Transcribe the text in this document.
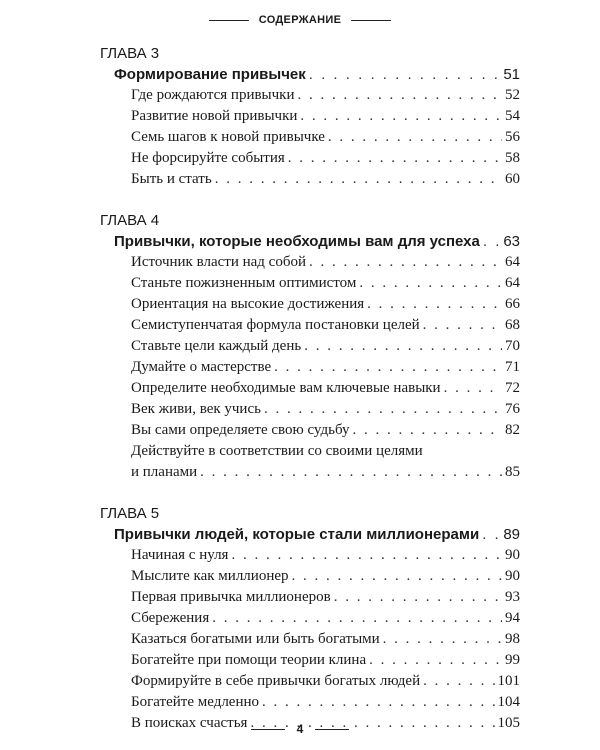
СОДЕРЖАНИЕ
ГЛАВА 3
Формирование привычек . . .	51
Где рождаются привычки . . .	52
Развитие новой привычки . . .	54
Семь шагов к новой привычке . . .	56
Не форсируйте события . . .	58
Быть и стать . . .	60
ГЛАВА 4
Привычки, которые необходимы вам для успеха . . . 63
Источник власти над собой . . .	64
Станьте пожизненным оптимистом . . .	64
Ориентация на высокие достижения . . .	66
Семиступенчатая формула постановки целей . . .	68
Ставьте цели каждый день . . .	70
Думайте о мастерстве . . .	71
Определите необходимые вам ключевые навыки . . .	72
Век живи, век учись . . .	76
Вы сами определяете свою судьбу . . .	82
Действуйте в соответствии со своими целями
и планами . . .	85
ГЛАВА 5
Привычки людей, которые стали миллионерами . . . 89
Начиная с нуля . . .	90
Мыслите как миллионер . . .	90
Первая привычка миллионеров . . .	93
Сбережения . . .	94
Казаться богатыми или быть богатыми . . .	98
Богатейте при помощи теории клина . . .	99
Формируйте в себе привычки богатых людей . . .	101
Богатейте медленно . . .	104
В поисках счастья . . .	105
4
